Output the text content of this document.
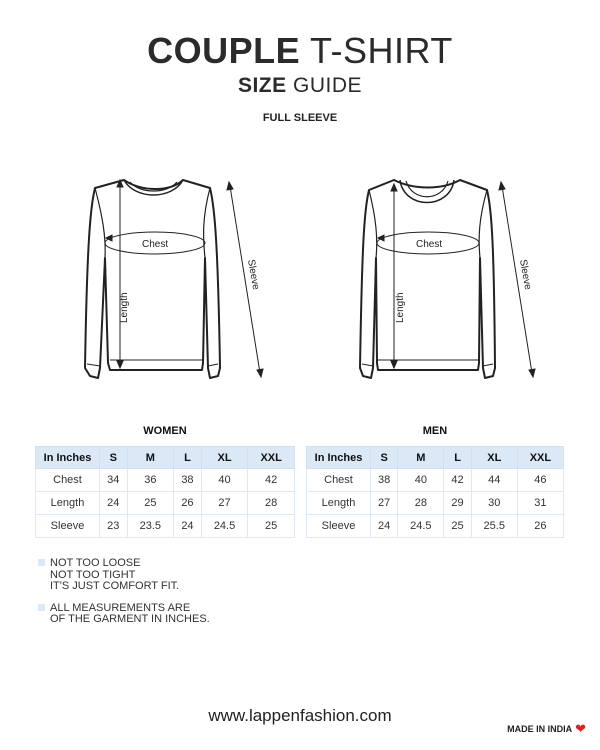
COUPLE T-SHIRT
SIZE GUIDE
FULL SLEEVE
Chest
Length
Sleeve
Chest
Length
Sleeve
WOMEN
In Inches	S	M	L	XL	XXL
Chest	34	36	38	40	42
Length	24	25	26	27	28
Sleeve	23	23.5	24	24.5	25
MEN
In Inches	S	M	L	XL	XXL
Chest	38	40	42	44	46
Length	27	28	29	30	31
Sleeve	24	24.5	25	25.5	26

NOT TOO LOOSE

NOT TOO TIGHT

IT'S JUST COMFORT FIT.

ALL MEASUREMENTS ARE

OF THE GARMENT IN INCHES.

www.lappenfashion.com
MADE IN INDIA ❤
